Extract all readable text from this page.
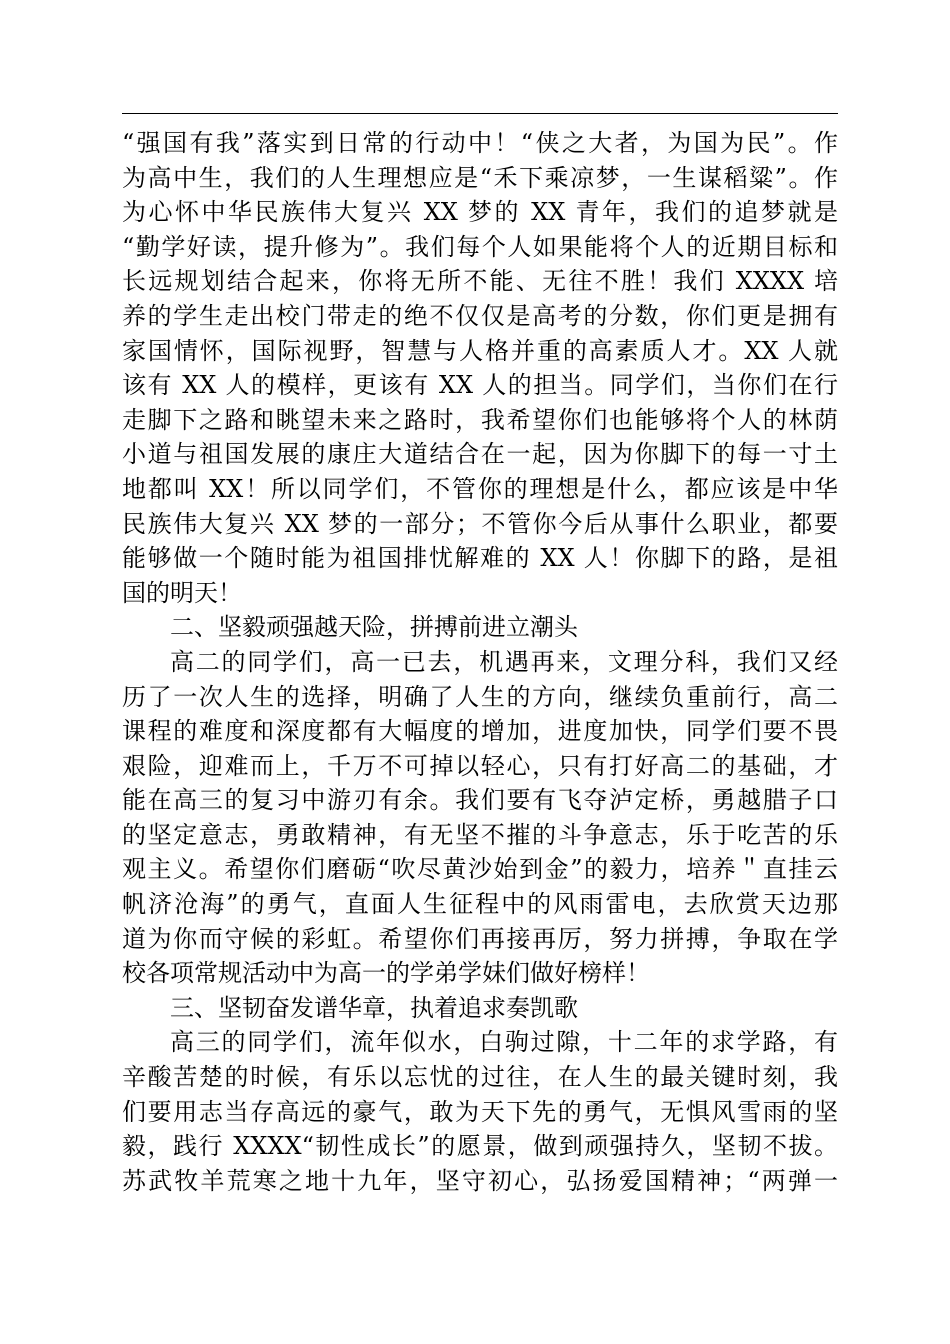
“强国有我”落实到日常的行动中！“侠之大者，为国为民”。作
为高中生，我们的人生理想应是“禾下乘凉梦，一生谋稻粱”。作
为心怀中华民族伟大复兴 XX 梦的 XX 青年，我们的追梦就是
“勤学好读，提升修为”。我们每个人如果能将个人的近期目标和
长远规划结合起来，你将无所不能、无往不胜！我们 XXXX 培
养的学生走出校门带走的绝不仅仅是高考的分数，你们更是拥有
家国情怀，国际视野，智慧与人格并重的高素质人才。XX 人就
该有 XX 人的模样，更该有 XX 人的担当。同学们，当你们在行
走脚下之路和眺望未来之路时，我希望你们也能够将个人的林荫
小道与祖国发展的康庄大道结合在一起，因为你脚下的每一寸土
地都叫 XX！所以同学们，不管你的理想是什么，都应该是中华
民族伟大复兴 XX 梦的一部分；不管你今后从事什么职业，都要
能够做一个随时能为祖国排忧解难的 XX 人！你脚下的路，是祖
国的明天！
二、坚毅顽强越天险，拼搏前进立潮头
高二的同学们，高一已去，机遇再来，文理分科，我们又经
历了一次人生的选择，明确了人生的方向，继续负重前行，高二
课程的难度和深度都有大幅度的增加，进度加快，同学们要不畏
艰险，迎难而上，千万不可掉以轻心，只有打好高二的基础，才
能在高三的复习中游刃有余。我们要有飞夺泸定桥，勇越腊子口
的坚定意志，勇敢精神，有无坚不摧的斗争意志，乐于吃苦的乐
观主义。希望你们磨砺“吹尽黄沙始到金”的毅力，培养＂直挂云
帆济沧海”的勇气，直面人生征程中的风雨雷电，去欣赏天边那
道为你而守候的彩虹。希望你们再接再厉，努力拼搏，争取在学
校各项常规活动中为高一的学弟学妹们做好榜样！
三、坚韧奋发谱华章，执着追求奏凯歌
高三的同学们，流年似水，白驹过隙，十二年的求学路，有
辛酸苦楚的时候，有乐以忘忧的过往，在人生的最关键时刻，我
们要用志当存高远的豪气，敢为天下先的勇气，无惧风雪雨的坚
毅，践行 XXXX“韧性成长”的愿景，做到顽强持久，坚韧不拔。
苏武牧羊荒寒之地十九年，坚守初心，弘扬爱国精神；“两弹一
